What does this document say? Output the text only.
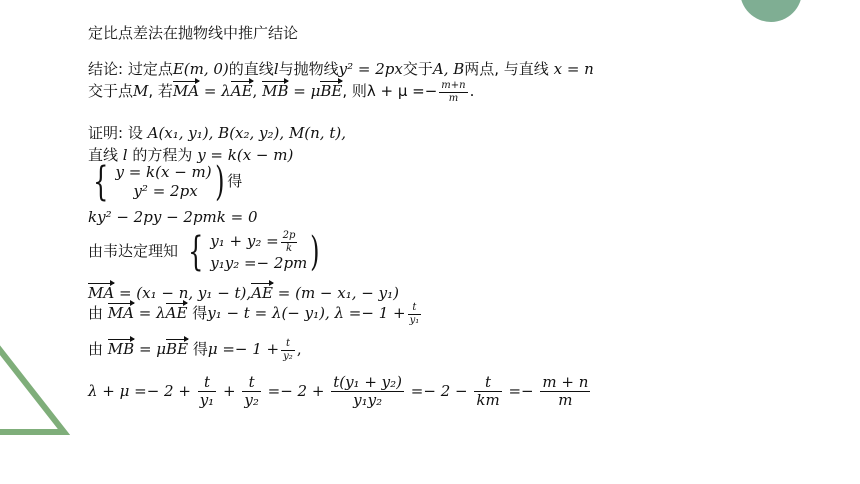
定比点差法在抛物线中推广结论
结论: 过定点E(m, 0)的直线l与抛物线y² = 2px交于A, B两点, 与直线 x = n
交于点M, 若MA = λAE, MB = μBE, 则$\lambda + \mu =- \frac{m+n}{m}$ .
证明: 设 A(x₁, y₁), B(x₂, y₂), M(n, t),
直线 l 的方程为 y = k(x − m)
{ y = k(x − m)
y² = 2px ) 得
ky² − 2py − 2pmk = 0
由韦达定理知 { $y_1 + y_2 = \frac{2p}{k}$
y₁y₂ =− 2pm )
MA = (x₁ − n, y₁ − t),AE = (m − x₁, − y₁)
由 MA = λAE 得y₁ − t = λ(− y₁), $\lambda =- 1 + \frac{t}{\text{y₁}}$
由 MB = μBE 得$\mu =- 1 + \frac{t}{\text{y₂}}$ ,
$\lambda + \mu =- 2 + \frac{t}{\text{y₁}} + \frac{t}{\text{y₂}} =- 2 + \frac{\text{t(y₁ + y₂)}}{\text{y₁y₂}} =- 2 - \frac{t}{km} =- \frac{m + n}{m}$
